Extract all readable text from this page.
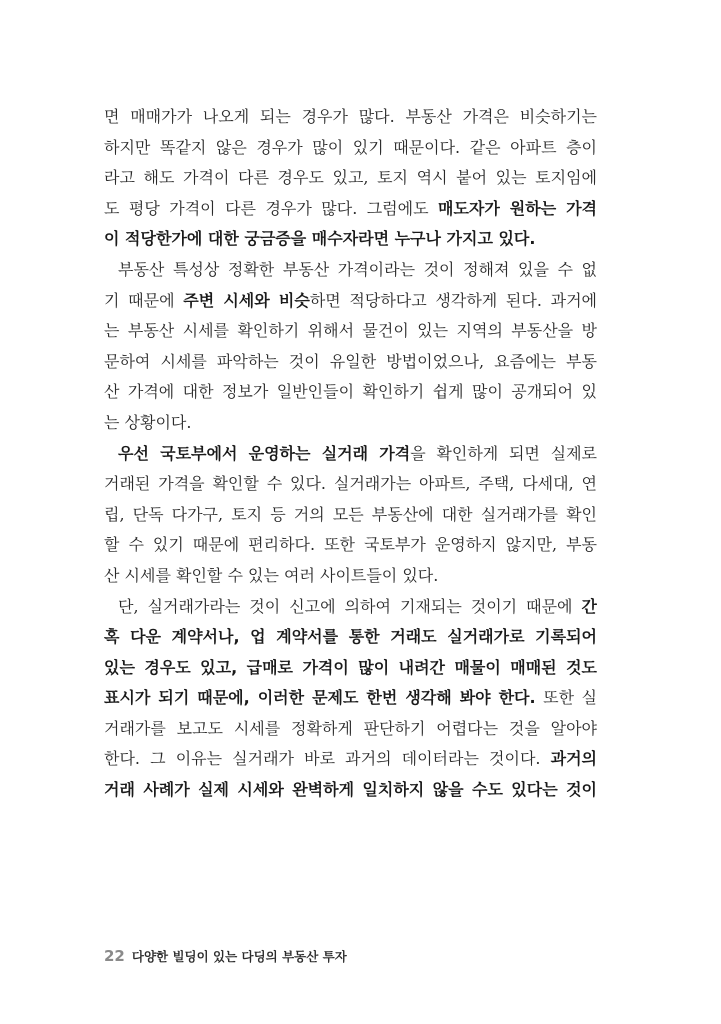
면 매매가가 나오게 되는 경우가 많다. 부동산 가격은 비슷하기는
하지만 똑같지 않은 경우가 많이 있기 때문이다. 같은 아파트 층이
라고 해도 가격이 다른 경우도 있고, 토지 역시 붙어 있는 토지임에
도 평당 가격이 다른 경우가 많다. 그럼에도 매도자가 원하는 가격
이 적당한가에 대한 궁금증을 매수자라면 누구나 가지고 있다.
부동산 특성상 정확한 부동산 가격이라는 것이 정해져 있을 수 없
기 때문에 주변 시세와 비슷하면 적당하다고 생각하게 된다. 과거에
는 부동산 시세를 확인하기 위해서 물건이 있는 지역의 부동산을 방
문하여 시세를 파악하는 것이 유일한 방법이었으나, 요즘에는 부동
산 가격에 대한 정보가 일반인들이 확인하기 쉽게 많이 공개되어 있
는 상황이다.
우선 국토부에서 운영하는 실거래 가격을 확인하게 되면 실제로
거래된 가격을 확인할 수 있다. 실거래가는 아파트, 주택, 다세대, 연
립, 단독 다가구, 토지 등 거의 모든 부동산에 대한 실거래가를 확인
할 수 있기 때문에 편리하다. 또한 국토부가 운영하지 않지만, 부동
산 시세를 확인할 수 있는 여러 사이트들이 있다.
단, 실거래가라는 것이 신고에 의하여 기재되는 것이기 때문에 간
혹 다운 계약서나, 업 계약서를 통한 거래도 실거래가로 기록되어
있는 경우도 있고, 급매로 가격이 많이 내려간 매물이 매매된 것도
표시가 되기 때문에, 이러한 문제도 한번 생각해 봐야 한다. 또한 실
거래가를 보고도 시세를 정확하게 판단하기 어렵다는 것을 알아야
한다. 그 이유는 실거래가 바로 과거의 데이터라는 것이다. 과거의
거래 사례가 실제 시세와 완벽하게 일치하지 않을 수도 있다는 것이
22 다양한 빌딩이 있는 다딩의 부동산 투자
